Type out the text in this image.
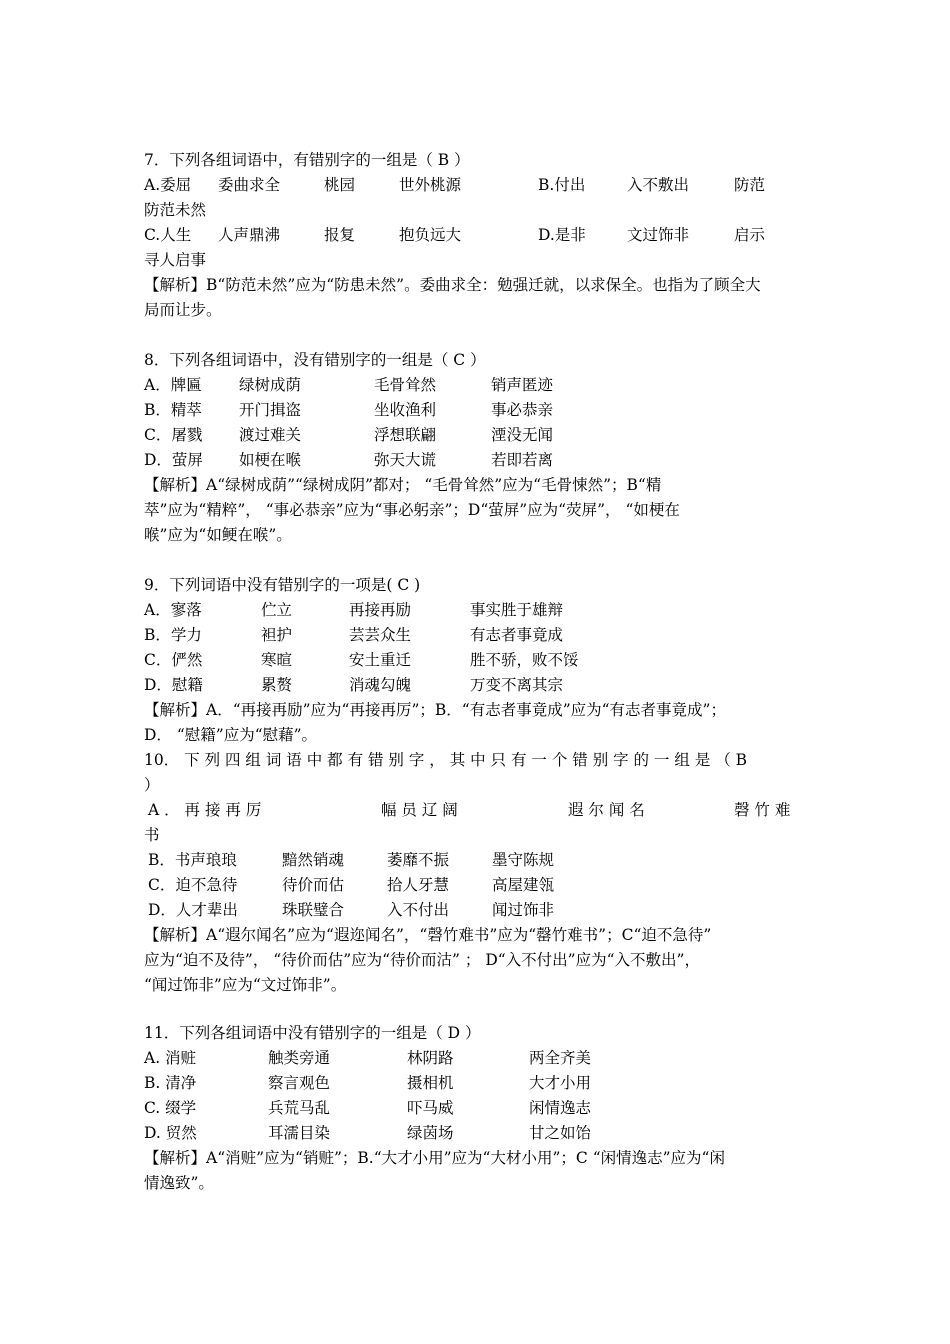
7．下列各组词语中，有错别字的一组是（ B ）
A.委屈 委曲求全	桃园	世外桃源	B.付出	入不敷出	防范
防范未然
C.人生 人声鼎沸	报复	抱负远大	D.是非	文过饰非	启示
寻人启事
【解析】B“防范未然”应为“防患未然”。委曲求全：勉强迁就，以求保全。也指为了顾全大
局而让步。
8．下列各组词语中，没有错别字的一组是（ C ）
A．牌匾 绿树成荫	毛骨耸然	销声匿迹
B．精萃 开门揖盗	坐收渔利	事必恭亲
C．屠戮 渡过难关	浮想联翩	湮没无闻
D．萤屏 如梗在喉	弥天大谎	若即若离
【解析】A“绿树成荫”“绿树成阴”都对； “毛骨耸然”应为“毛骨悚然”；B“精
萃”应为“精粹”， “事必恭亲”应为“事必躬亲”；D“萤屏”应为“荧屏”， “如梗在
喉”应为“如鲠在喉”。
9．下列词语中没有错别字的一项是( C )
A．寥落	伫立	再接再励	事实胜于雄辩
B．学力	袒护	芸芸众生	有志者事竟成
C．俨然	寒暄	安土重迁	胜不骄，败不馁
D．慰籍	累赘	消魂勾魄	万变不离其宗
【解析】A．“再接再励”应为“再接再厉”；B．“有志者事竟成”应为“有志者事竟成”；
D． “慰籍”应为“慰藉”。
10． 下 列 四 组 词 语 中 都 有 错 别 字 ， 其 中 只 有 一 个 错 别 字 的 一 组 是 （ B
）
A ． 再 接 再 厉	幅 员 辽 阔	遐 尔 闻 名	磬 竹 难
书
B．书声琅琅	黯然销魂	萎靡不振	墨守陈规
C．迫不急待	待价而估	拾人牙慧	高屋建瓴
D．人才辈出	珠联璧合	入不付出	闻过饰非
【解析】A“遐尔闻名”应为“遐迩闻名”，“磬竹难书”应为“罄竹难书”；C“迫不急待”
应为“迫不及待”， “待价而估”应为“待价而沽” ； D“入不付出”应为“入不敷出”，
“闻过饰非”应为“文过饰非”。
11．下列各组词语中没有错别字的一组是（ D ）
A. 消赃	触类旁通	林阴路	两全齐美
B. 清净	察言观色	摄相机	大才小用
C. 缀学	兵荒马乱	吓马威	闲情逸志
D. 贸然	耳濡目染	绿茵场	甘之如饴
【解析】A“消赃”应为“销赃”；B.“大才小用”应为“大材小用”；C “闲情逸志”应为“闲
情逸致”。
